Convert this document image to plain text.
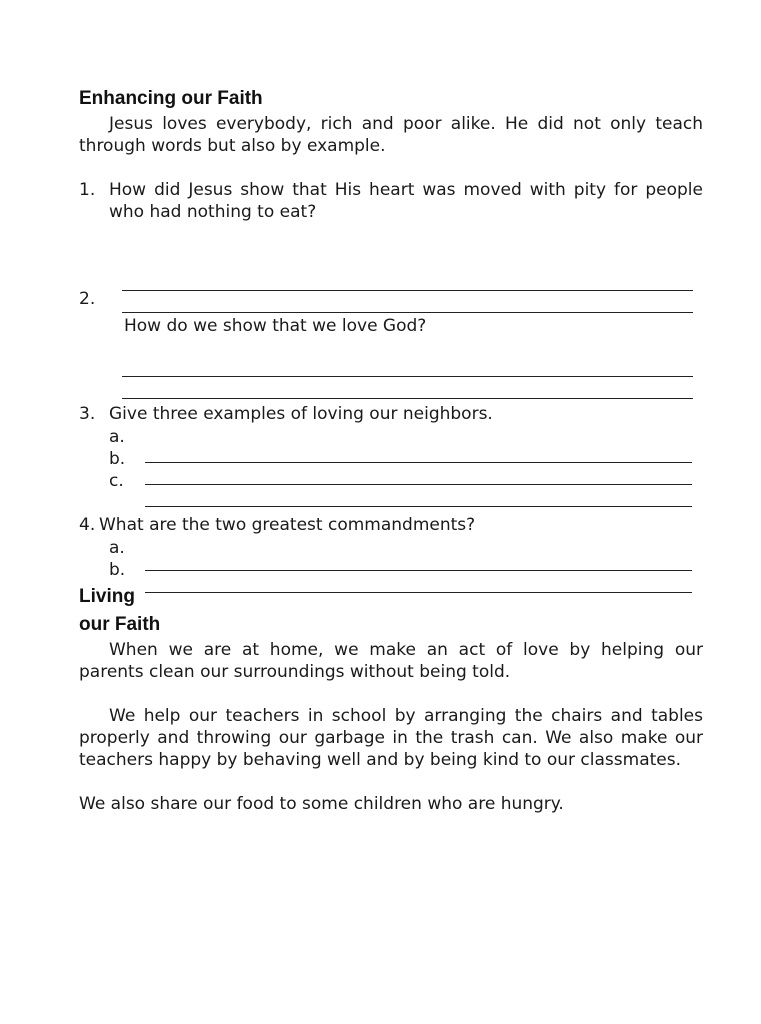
Enhancing our Faith
Jesus loves everybody, rich and poor alike. He did not only teach
through words but also by example.
1. How did Jesus show that His heart was moved with pity for people
who had nothing to eat?
2.
How do we show that we love God?
3. Give three examples of loving our neighbors.
a.
b.
c.
4. What are the two greatest commandments?
a.
b.
Living
our Faith
When we are at home, we make an act of love by helping our
parents clean our surroundings without being told.
We help our teachers in school by arranging the chairs and tables
properly and throwing our garbage in the trash can. We also make our
teachers happy by behaving well and by being kind to our classmates.
We also share our food to some children who are hungry.
